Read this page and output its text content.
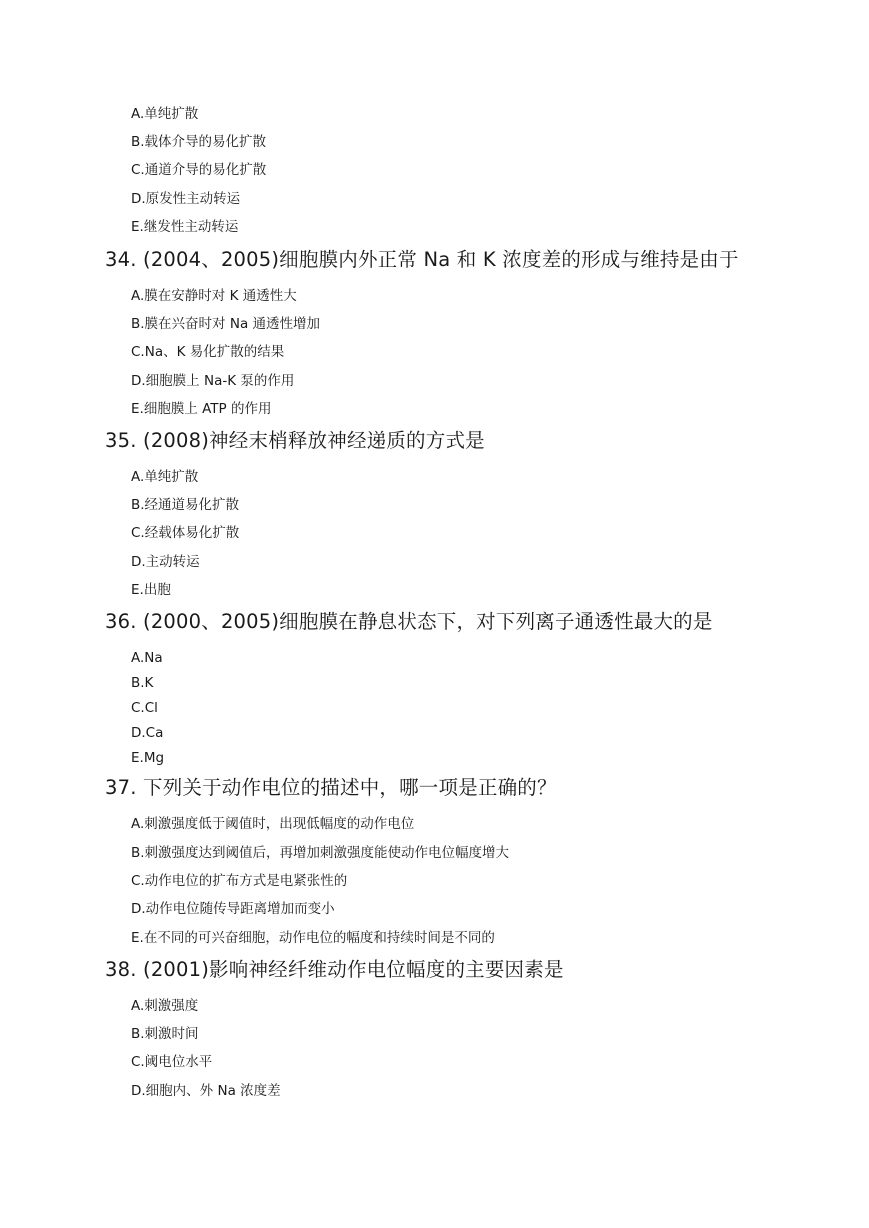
A.单纯扩散
B.载体介导的易化扩散
C.通道介导的易化扩散
D.原发性主动转运
E.继发性主动转运
34. (2004、2005)细胞膜内外正常 Na 和 K 浓度差的形成与维持是由于
A.膜在安静时对 K 通透性大
B.膜在兴奋时对 Na 通透性增加
C.Na、K 易化扩散的结果
D.细胞膜上 Na-K 泵的作用
E.细胞膜上 ATP 的作用
35. (2008)神经末梢释放神经递质的方式是
A.单纯扩散
B.经通道易化扩散
C.经载体易化扩散
D.主动转运
E.出胞
36. (2000、2005)细胞膜在静息状态下，对下列离子通透性最大的是
A.Na
B.K
C.Cl
D.Ca
E.Mg
37. 下列关于动作电位的描述中，哪一项是正确的？
A.刺激强度低于阈值时，出现低幅度的动作电位
B.刺激强度达到阈值后，再增加刺激强度能使动作电位幅度增大
C.动作电位的扩布方式是电紧张性的
D.动作电位随传导距离增加而变小
E.在不同的可兴奋细胞，动作电位的幅度和持续时间是不同的
38. (2001)影响神经纤维动作电位幅度的主要因素是
A.刺激强度
B.刺激时间
C.阈电位水平
D.细胞内、外 Na 浓度差
